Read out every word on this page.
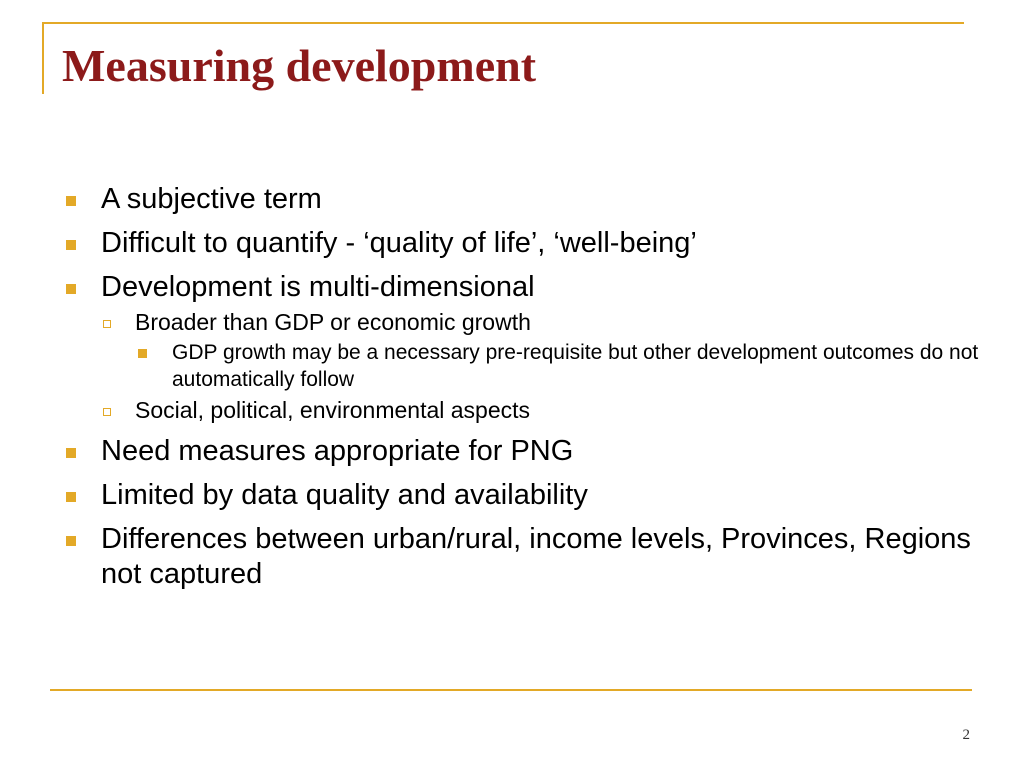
Measuring development
A subjective term
Difficult to quantify - ‘quality of life’, ‘well-being’
Development is multi-dimensional
Broader than GDP or economic growth
GDP growth may be a necessary pre-requisite but other development outcomes do not automatically follow
Social, political, environmental aspects
Need measures appropriate for PNG
Limited by data quality and availability
Differences between urban/rural, income levels, Provinces, Regions not captured
2
